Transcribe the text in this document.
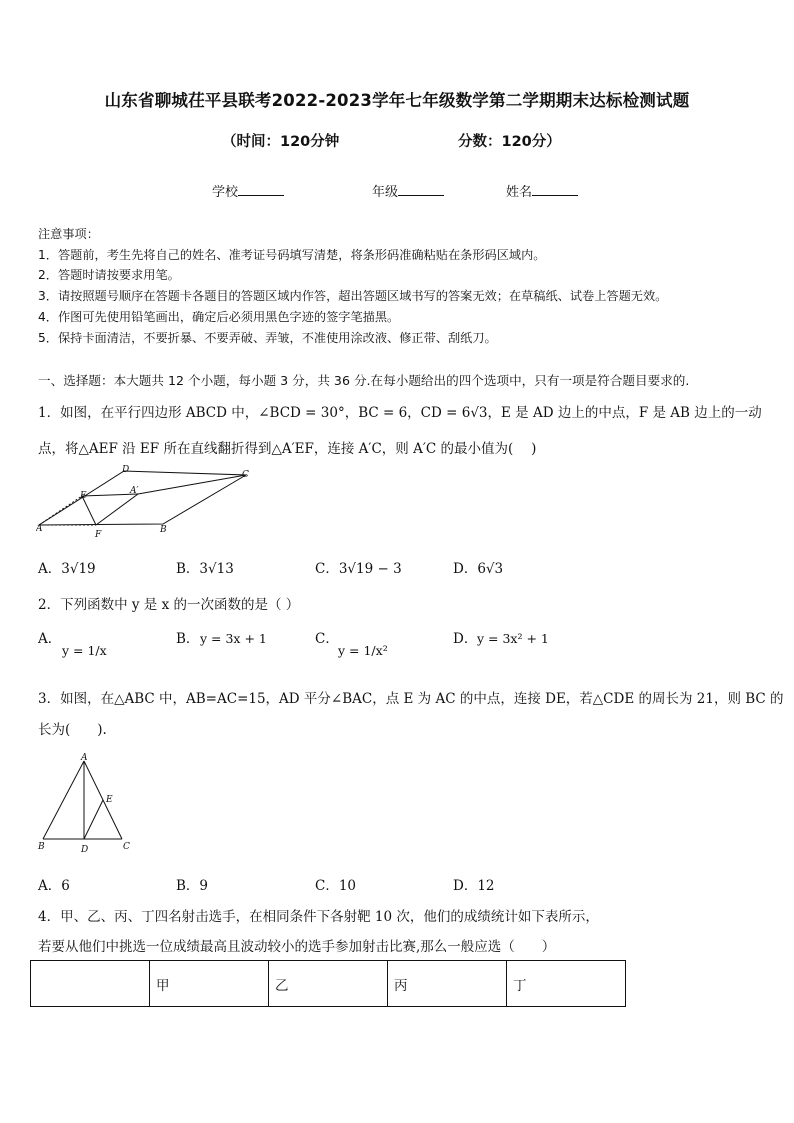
山东省聊城茌平县联考2022-2023学年七年级数学第二学期期末达标检测试题
（时间：120分钟	分数：120分）
学校	年级	姓名
注意事项：
1．答题前，考生先将自己的姓名、准考证号码填写清楚，将条形码准确粘贴在条形码区域内。
2．答题时请按要求用笔。
3．请按照题号顺序在答题卡各题目的答题区域内作答，超出答题区域书写的答案无效；在草稿纸、试卷上答题无效。
4．作图可先使用铅笔画出，确定后必须用黑色字迹的签字笔描黑。
5．保持卡面清洁，不要折暴、不要弄破、弄皱，不准使用涂改液、修正带、刮纸刀。
一、选择题：本大题共 12 个小题，每小题 3 分，共 36 分.在每小题给出的四个选项中，只有一项是符合题目要求的.
1．如图，在平行四边形 ABCD 中，∠BCD = 30°，BC = 6，CD = 6√3，E 是 AD 边上的中点，F 是 AB 边上的一动
点，将△AEF 沿 EF 所在直线翻折得到△A′EF，连接 A′C，则 A′C 的最小值为(　 )
D	C
E	A′
A
F	B
A．3√19	B．3√13	C．3√19 − 3	D．6√3
2．下列函数中 y 是 x 的一次函数的是（ ）
A．
y = 1/x
B． y = 3x + 1	C．
y = 1/x²
D． y = 3x² + 1
3．如图，在△ABC 中，AB=AC=15，AD 平分∠BAC，点 E 为 AC 的中点，连接 DE，若△CDE 的周长为 21，则 BC 的
长为(　　).
A
E
B	D	C
A．6	B．9	C．10	D．12
4．甲、乙、丙、丁四名射击选手，在相同条件下各射靶 10 次，他们的成绩统计如下表所示，
若要从他们中挑选一位成绩最高且波动较小的选手参加射击比赛,那么一般应选（　　）
	甲	乙	丙	丁
